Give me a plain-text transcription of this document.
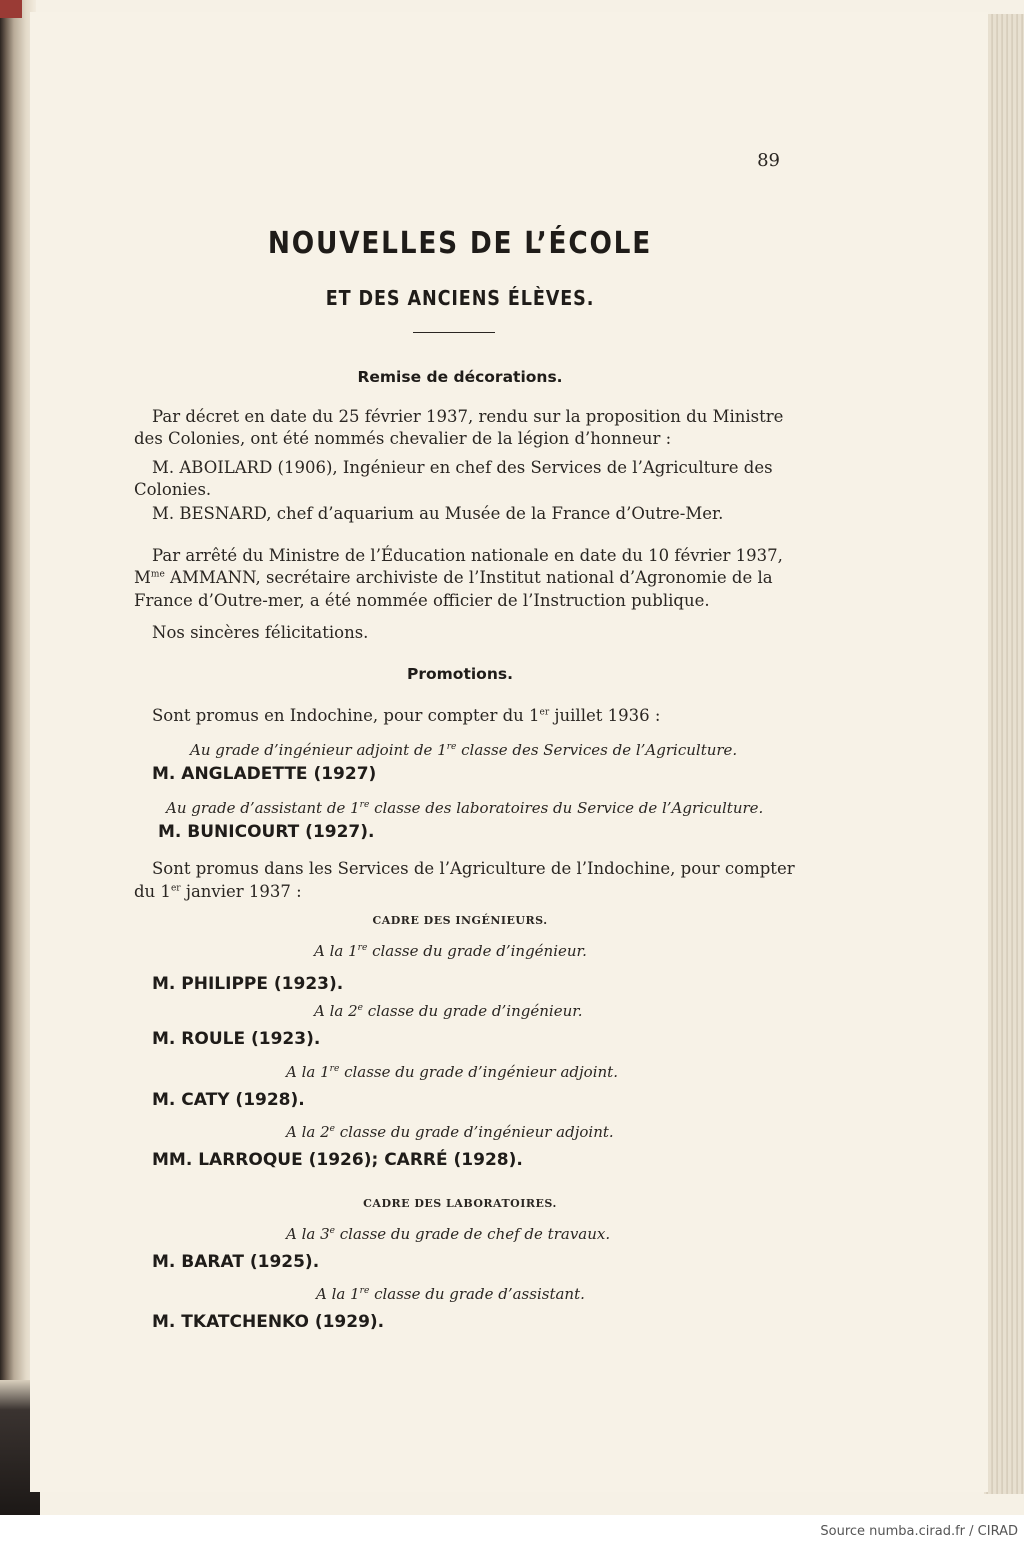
89
NOUVELLES DE L’ÉCOLE
ET DES ANCIENS ÉLÈVES.
Remise de décorations.
Par décret en date du 25 février 1937, rendu sur la proposition du Ministre
des Colonies, ont été nommés chevalier de la légion d’honneur :
M. ABOILARD (1906), Ingénieur en chef des Services de l’Agriculture des
Colonies.
M. BESNARD, chef d’aquarium au Musée de la France d’Outre-Mer.
Par arrêté du Ministre de l’Éducation nationale en date du 10 février 1937,
$M^{me}$ AMMANN, secrétaire archiviste de l’Institut national d’Agronomie de la
France d’Outre-mer, a été nommée officier de l’Instruction publique.
Nos sincères félicitations.
Promotions.
Sont promus en Indochine, pour compter du 1er juillet 1936 :
Au grade d’ingénieur adjoint de 1re classe des Services de l’Agriculture.
M. ANGLADETTE (1927)
Au grade d’assistant de 1re classe des laboratoires du Service de l’Agriculture.
M. BUNICOURT (1927).
Sont promus dans les Services de l’Agriculture de l’Indochine, pour compter
du 1er janvier 1937 :
CADRE DES INGÉNIEURS.
A la 1re classe du grade d’ingénieur.
M. PHILIPPE (1923).
A la 2e classe du grade d’ingénieur.
M. ROULE (1923).
A la 1re classe du grade d’ingénieur adjoint.
M. CATY (1928).
A la 2e classe du grade d’ingénieur adjoint.
MM. LARROQUE (1926); CARRÉ (1928).
CADRE DES LABORATOIRES.
A la 3e classe du grade de chef de travaux.
M. BARAT (1925).
A la 1re classe du grade d’assistant.
M. TKATCHENKO (1929).
Source numba.cirad.fr / CIRAD
